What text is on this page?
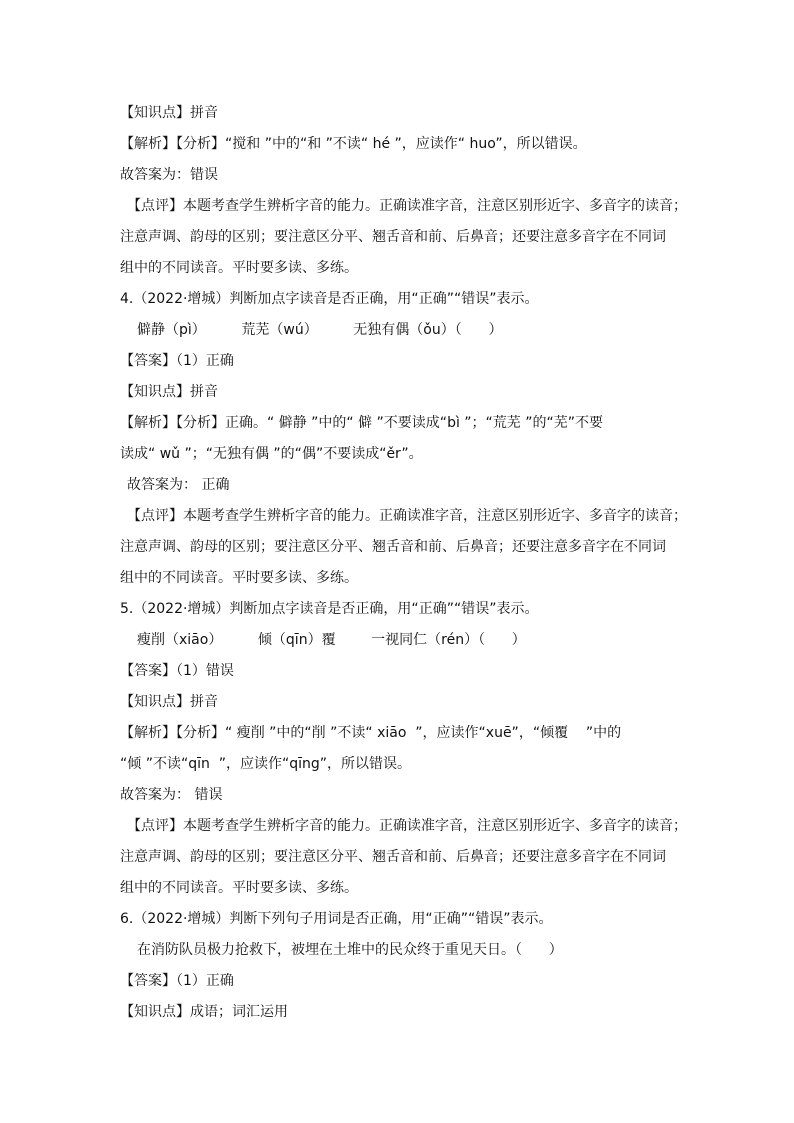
【知识点】拼音
【解析】【分析】“搅和 ”中的“和 ”不读“ hé ”，应读作“ huo”，所以错误。
故答案为：错误
【点评】本题考查学生辨析字音的能力。正确读准字音，注意区别形近字、多音字的读音；
注意声调、韵母的区别；要注意区分平、翘舌音和前、后鼻音；还要注意多音字在不同词
组中的不同读音。平时要多读、多练。
4.（2022·增城）判断加点字读音是否正确，用“正确”“错误”表示。
僻静（pì）        荒芜（wú）        无独有偶（ǒu）（      ）
【答案】（1）正确
【知识点】拼音
【解析】【分析】正确。“ 僻静 ”中的“ 僻 ”不要读成“bì ”；“荒芜 ”的“芜”不要
读成“ wǔ ”；“无独有偶 ”的“偶”不要读成“ěr”。
故答案为： 正确
【点评】本题考查学生辨析字音的能力。正确读准字音，注意区别形近字、多音字的读音；
注意声调、韵母的区别；要注意区分平、翘舌音和前、后鼻音；还要注意多音字在不同词
组中的不同读音。平时要多读、多练。
5.（2022·增城）判断加点字读音是否正确，用“正确”“错误”表示。
瘦削（xiāo）        倾（qīn）覆        一视同仁（rén）（      ）
【答案】（1）错误
【知识点】拼音
【解析】【分析】“ 瘦削 ”中的“削 ”不读“ xiāo  ”，应读作“xuē”，“倾覆    ”中的
“倾 ”不读“qīn  ”，应读作“qīng”，所以错误。
故答案为： 错误
【点评】本题考查学生辨析字音的能力。正确读准字音，注意区别形近字、多音字的读音；
注意声调、韵母的区别；要注意区分平、翘舌音和前、后鼻音；还要注意多音字在不同词
组中的不同读音。平时要多读、多练。
6.（2022·增城）判断下列句子用词是否正确，用“正确”“错误”表示。
在消防队员极力抢救下，被埋在土堆中的民众终于重见天日。（      ）
【答案】（1）正确
【知识点】成语；词汇运用
